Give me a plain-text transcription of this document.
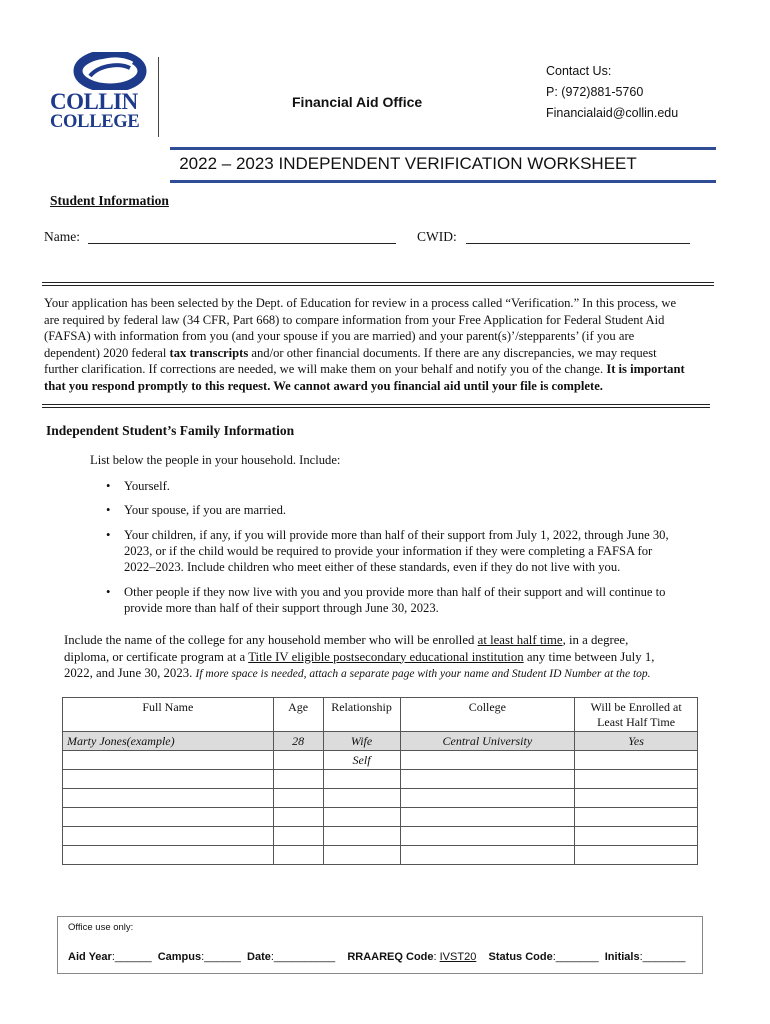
COLLIN
COLLEGE
Financial Aid Office
Contact Us:
P: (972)881-5760
Financialaid@collin.edu
2022 – 2023 INDEPENDENT VERIFICATION WORKSHEET
Student Information
Name:	CWID:
Your application has been selected by the Dept. of Education for review in a process called “Verification.” In this process, we
are required by federal law (34 CFR, Part 668) to compare information from your Free Application for Federal Student Aid
(FAFSA) with information from you (and your spouse if you are married) and your parent(s)’/stepparents’ (if you are
dependent) 2020 federal tax transcripts and/or other financial documents. If there are any discrepancies, we may request
further clarification. If corrections are needed, we will make them on your behalf and notify you of the change. It is important
that you respond promptly to this request. We cannot award you financial aid until your file is complete.
Independent Student’s Family Information
List below the people in your household. Include:
• Yourself.
• Your spouse, if you are married.
• Your children, if any, if you will provide more than half of their support from July 1, 2022, through June 30,
2023, or if the child would be required to provide your information if they were completing a FAFSA for
2022–2023. Include children who meet either of these standards, even if they do not live with you.
• Other people if they now live with you and you provide more than half of their support and will continue to
provide more than half of their support through June 30, 2023.
Include the name of the college for any household member who will be enrolled at least half time, in a degree,
diploma, or certificate program at a Title IV eligible postsecondary educational institution any time between July 1,
2022, and June 30, 2023. If more space is needed, attach a separate page with your name and Student ID Number at the top.
Full Name	Age	Relationship	College	Will be Enrolled at
Least Half Time

Marty Jones(example)	28	Wife	Central University	Yes
		Self		

Office use only:
Aid Year:______ Campus:______ Date:__________ RRAAREQ Code: IVST20 Status Code:_______ Initials:_______
